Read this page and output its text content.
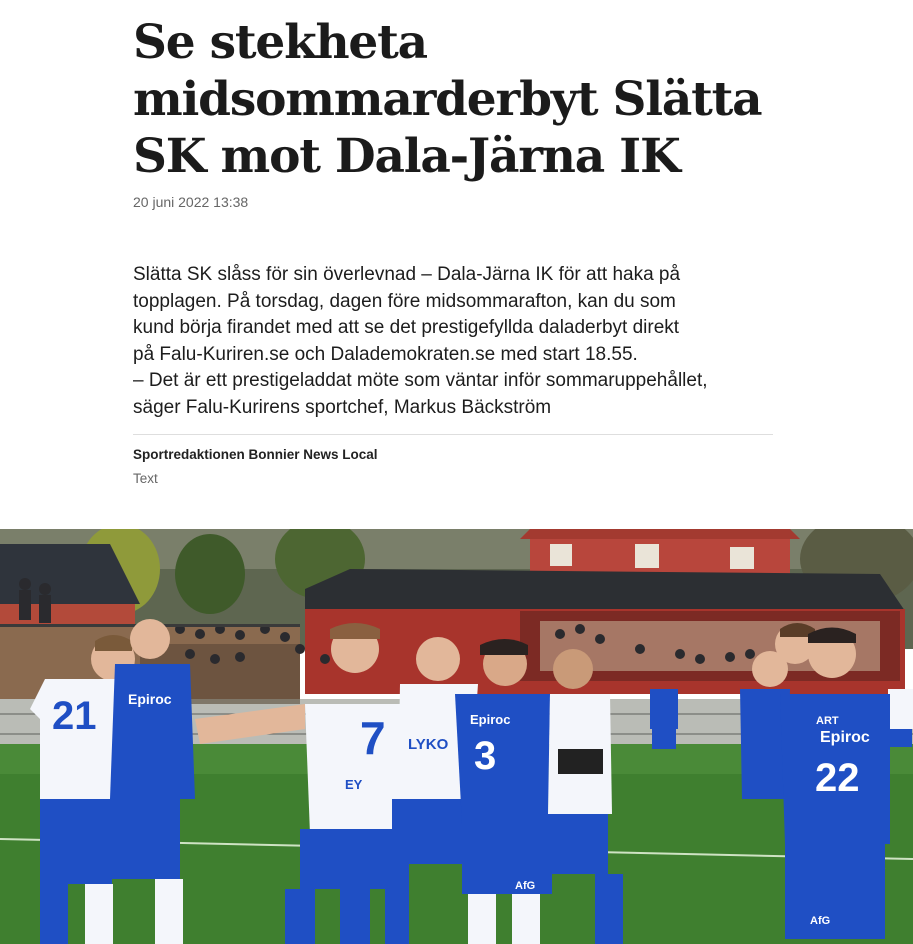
Se stekheta
midsommarderbyt Slätta
SK mot Dala-Järna IK
20 juni 2022 13:38
Slätta SK slåss för sin överlevnad – Dala-Järna IK för att haka på
topplagen. På torsdag, dagen före midsommarafton, kan du som
kund börja firandet med att se det prestigefyllda daladerbyt direkt
på Falu-Kuriren.se och Dalademokraten.se med start 18.55.
– Det är ett prestigeladdat möte som väntar inför sommaruppehållet,
säger Falu-Kurirens sportchef, Markus Bäckström
Sportredaktionen Bonnier News Local
Text
21 Epiroc
7
EY
LYKO
Epiroc
3
AfG
ART
Epiroc
22
AfG
